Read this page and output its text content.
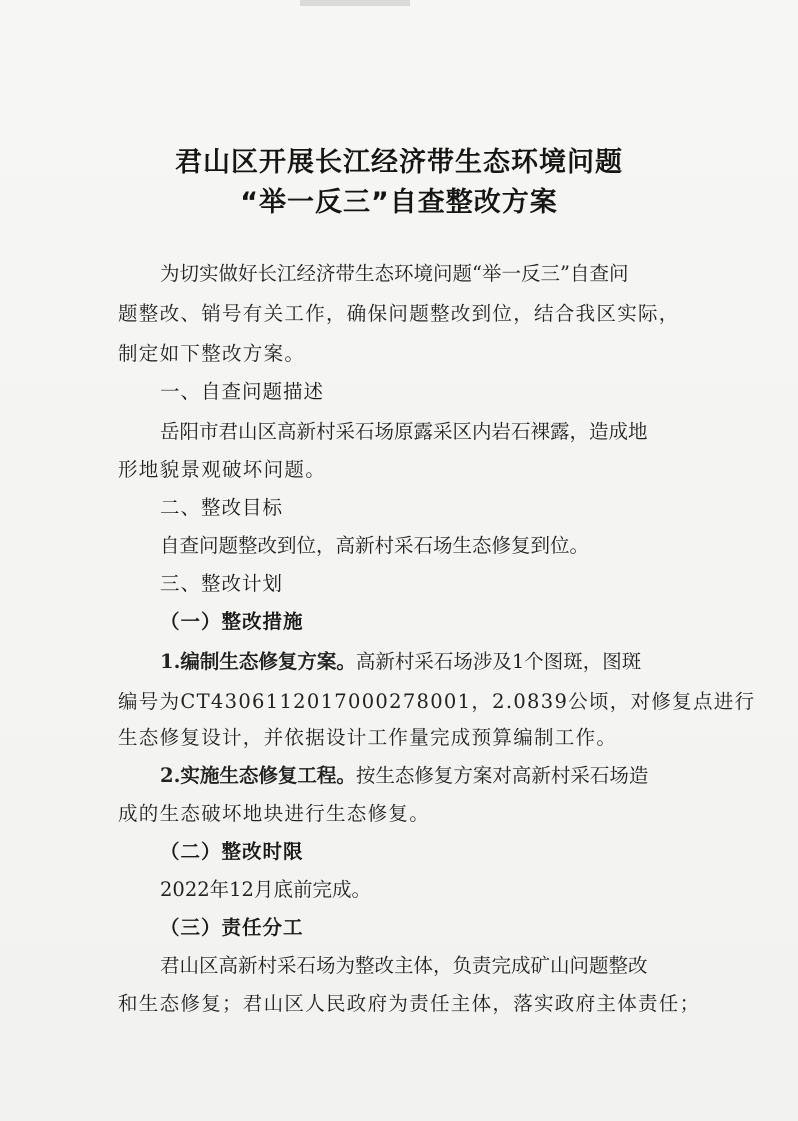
君山区开展长江经济带生态环境问题
“举一反三”自查整改方案
为切实做好长江经济带生态环境问题“举一反三”自查问
题整改、销号有关工作，确保问题整改到位，结合我区实际，
制定如下整改方案。
一、自查问题描述
岳阳市君山区高新村采石场原露采区内岩石裸露，造成地
形地貌景观破坏问题。
二、整改目标
自查问题整改到位，高新村采石场生态修复到位。
三、整改计划
（一）整改措施
1.编制生态修复方案。高新村采石场涉及1个图斑，图斑
编号为CT4306112017000278001，2.0839公顷，对修复点进行
生态修复设计，并依据设计工作量完成预算编制工作。
2.实施生态修复工程。按生态修复方案对高新村采石场造
成的生态破坏地块进行生态修复。
（二）整改时限
2022年12月底前完成。
（三）责任分工
君山区高新村采石场为整改主体，负责完成矿山问题整改
和生态修复；君山区人民政府为责任主体，落实政府主体责任；
